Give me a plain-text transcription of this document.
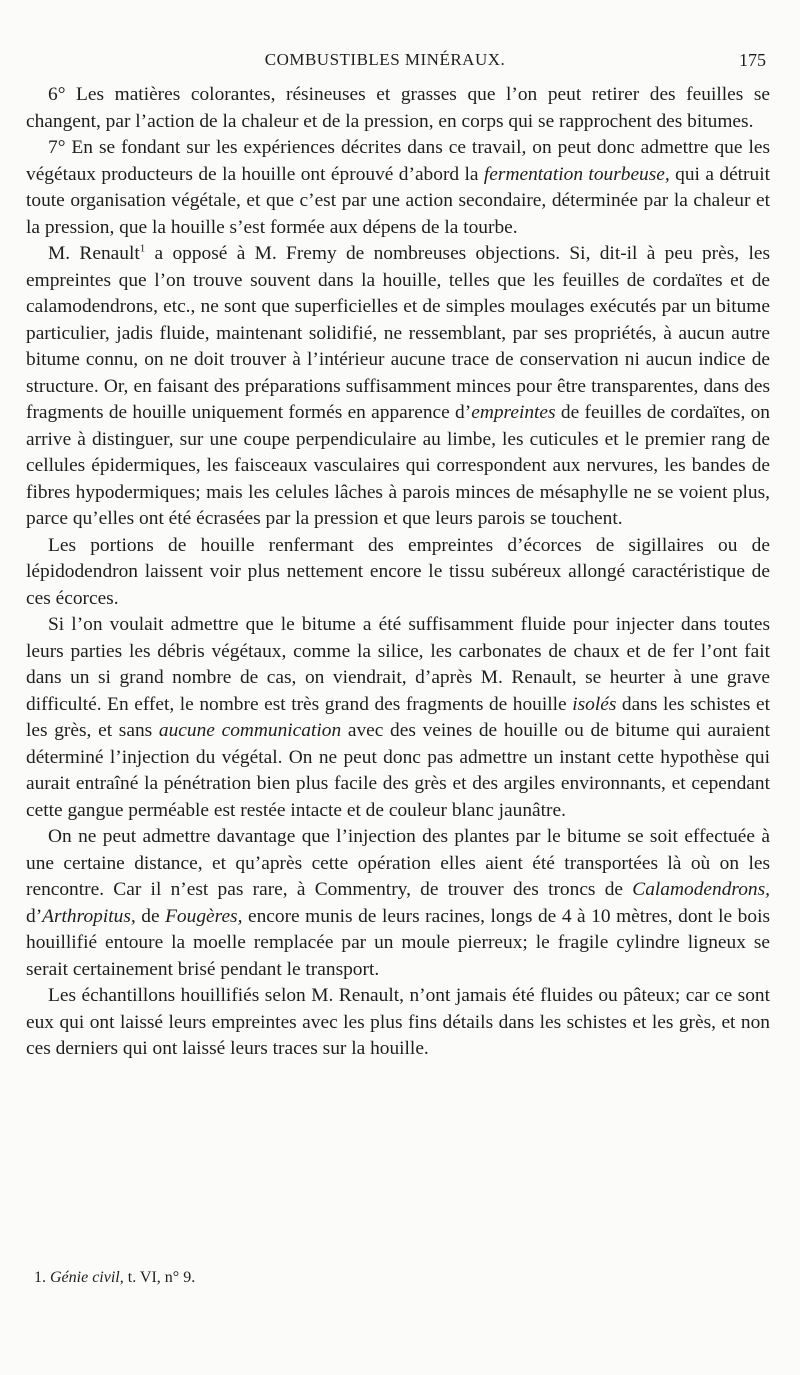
COMBUSTIBLES MINÉRAUX.	175

6° Les matières colorantes, résineuses et grasses que l’on peut retirer des feuilles se changent, par l’action de la chaleur et de la pression, en corps qui se rapprochent des bitumes.

7° En se fondant sur les expériences décrites dans ce travail, on peut donc admettre que les végétaux producteurs de la houille ont éprouvé d’abord la fermentation tourbeuse, qui a détruit toute organisation végétale, et que c’est par une action secondaire, déterminée par la chaleur et la pression, que la houille s’est formée aux dépens de la tourbe.

M. Renault$^1$ a opposé à M. Fremy de nombreuses objections. Si, dit-il à peu près, les empreintes que l’on trouve souvent dans la houille, telles que les feuilles de cordaïtes et de calamodendrons, etc., ne sont que superficielles et de simples moulages exécutés par un bitume particulier, jadis fluide, maintenant solidifié, ne ressemblant, par ses propriétés, à aucun autre bitume connu, on ne doit trouver à l’intérieur aucune trace de conservation ni aucun indice de structure. Or, en faisant des préparations suffisamment minces pour être transparentes, dans des fragments de houille uniquement formés en apparence d’empreintes de feuilles de cordaïtes, on arrive à distinguer, sur une coupe perpendiculaire au limbe, les cuticules et le premier rang de cellules épidermiques, les faisceaux vasculaires qui correspondent aux nervures, les bandes de fibres hypodermiques; mais les celules lâches à parois minces de mésaphylle ne se voient plus, parce qu’elles ont été écrasées par la pression et que leurs parois se touchent.

Les portions de houille renfermant des empreintes d’écorces de sigillaires ou de lépidodendron laissent voir plus nettement encore le tissu subéreux allongé caractéristique de ces écorces.

Si l’on voulait admettre que le bitume a été suffisamment fluide pour injecter dans toutes leurs parties les débris végétaux, comme la silice, les carbonates de chaux et de fer l’ont fait dans un si grand nombre de cas, on viendrait, d’après M. Renault, se heurter à une grave difficulté. En effet, le nombre est très grand des fragments de houille isolés dans les schistes et les grès, et sans aucune communication avec des veines de houille ou de bitume qui auraient déterminé l’injection du végétal. On ne peut donc pas admettre un instant cette hypothèse qui aurait entraîné la pénétration bien plus facile des grès et des argiles environnants, et cependant cette gangue perméable est restée intacte et de couleur blanc jaunâtre.

On ne peut admettre davantage que l’injection des plantes par le bitume se soit effectuée à une certaine distance, et qu’après cette opération elles aient été transportées là où on les rencontre. Car il n’est pas rare, à Commentry, de trouver des troncs de Calamodendrons, d’Arthropitus, de Fougères, encore munis de leurs racines, longs de 4 à 10 mètres, dont le bois houillifié entoure la moelle remplacée par un moule pierreux; le fragile cylindre ligneux se serait certainement brisé pendant le transport.

Les échantillons houillifiés selon M. Renault, n’ont jamais été fluides ou pâteux; car ce sont eux qui ont laissé leurs empreintes avec les plus fins détails dans les schistes et les grès, et non ces derniers qui ont laissé leurs traces sur la houille.

1. Génie civil, t. VI, n° 9.
